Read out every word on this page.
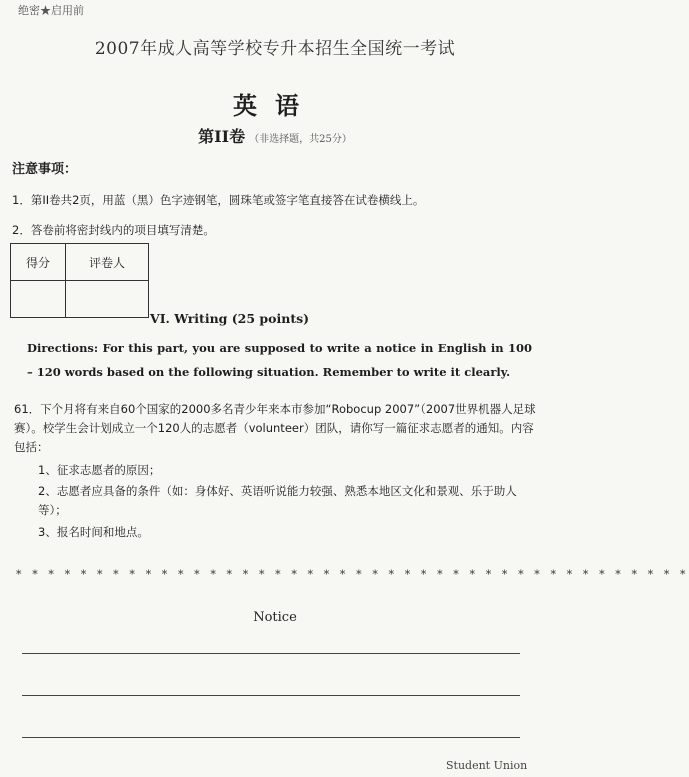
绝密★启用前
2007年成人高等学校专升本招生全国统一考试
英语
第II卷 （非选择题，共25分）
注意事项：
1．第II卷共2页，用蓝（黑）色字迹钢笔，圆珠笔或签字笔直接答在试卷横线上。
2．答卷前将密封线内的项目填写清楚。
得分	评卷人

VI. Writing (25 points)
Directions: For this part, you are supposed to write a notice in English in 100 – 120 words based on the following situation. Remember to write it clearly.
61．下个月将有来自60个国家的2000多名青少年来本市参加“Robocup 2007”（2007世界机器人足球赛）。校学生会计划成立一个120人的志愿者（volunteer）团队，请你写一篇征求志愿者的通知。内容包括：
1、征求志愿者的原因；
2、志愿者应具备的条件（如：身体好、英语听说能力较强、熟悉本地区文化和景观、乐于助人等）；
3、报名时间和地点。
* * * * * * * * * * * * * * * * * * * * * * * * * * * * * * * * * * * * * * * * * *
Notice
Student Union
